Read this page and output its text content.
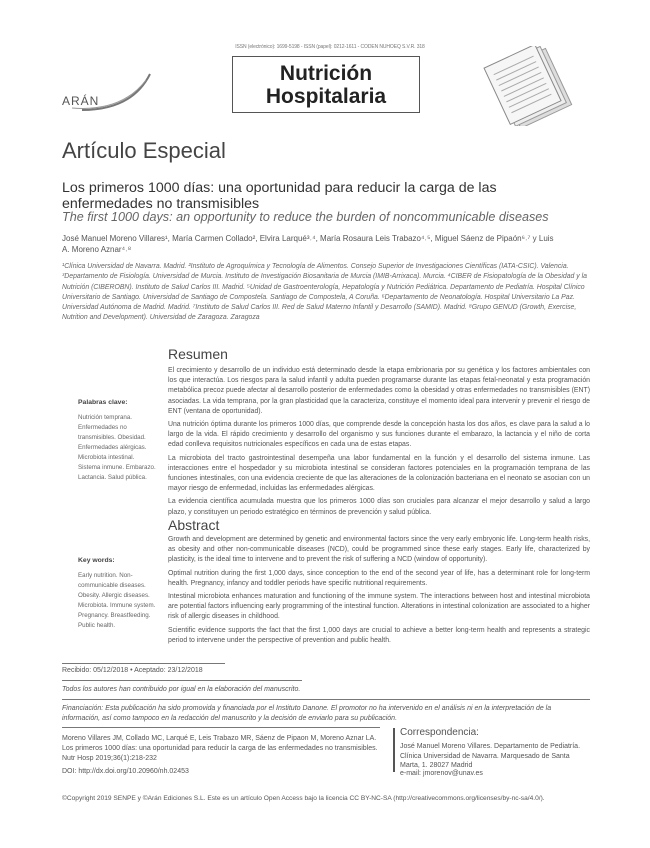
ISSN (electrónico): 1699-5198 - ISSN (papel): 0212-1611 - CODEN NUHOEQ S.V.R. 318
ARÁN
Nutrición
Hospitalaria
Artículo Especial
Los primeros 1000 días: una oportunidad para reducir la carga de las enfermedades no transmisibles
The first 1000 days: an opportunity to reduce the burden of noncommunicable diseases
José Manuel Moreno Villares¹, María Carmen Collado², Elvira Larqué³˒⁴, María Rosaura Leis Trabazo⁴˒⁵, Miguel Sáenz de Pipaón⁶˒⁷ y Luis A. Moreno Aznar⁴˒⁸
¹Clínica Universidad de Navarra. Madrid. ²Instituto de Agroquímica y Tecnología de Alimentos. Consejo Superior de Investigaciones Científicas (IATA-CSIC). Valencia. ³Departamento de Fisiología. Universidad de Murcia. Instituto de Investigación Biosanitaria de Murcia (IMIB-Arrixaca). Murcia. ⁴CIBER de Fisiopatología de la Obesidad y la Nutrición (CIBEROBN). Instituto de Salud Carlos III. Madrid. ⁵Unidad de Gastroenterología, Hepatología y Nutrición Pediátrica. Departamento de Pediatría. Hospital Clínico Universitario de Santiago. Universidad de Santiago de Compostela. Santiago de Compostela, A Coruña. ⁶Departamento de Neonatología. Hospital Universitario La Paz. Universidad Autónoma de Madrid. Madrid. ⁷Instituto de Salud Carlos III. Red de Salud Materno Infantil y Desarrollo (SAMID). Madrid. ⁸Grupo GENUD (Growth, Exercise, Nutrition and Development). Universidad de Zaragoza. Zaragoza
Resumen
Palabras clave:
Nutrición temprana. Enfermedades no transmisibles. Obesidad. Enfermedades alérgicas. Microbiota intestinal. Sistema inmune. Embarazo. Lactancia. Salud pública.

El crecimiento y desarrollo de un individuo está determinado desde la etapa embrionaria por su genética y los factores ambientales con los que interactúa. Los riesgos para la salud infantil y adulta pueden programarse durante las etapas fetal-neonatal y esta programación metabólica precoz puede afectar al desarrollo posterior de enfermedades como la obesidad y otras enfermedades no transmisibles (ENT) asociadas. La vida temprana, por la gran plasticidad que la caracteriza, constituye el momento ideal para intervenir y prevenir el riesgo de ENT (ventana de oportunidad).

Una nutrición óptima durante los primeros 1000 días, que comprende desde la concepción hasta los dos años, es clave para la salud a lo largo de la vida. El rápido crecimiento y desarrollo del organismo y sus funciones durante el embarazo, la lactancia y el niño de corta edad conlleva requisitos nutricionales específicos en cada una de estas etapas.

La microbiota del tracto gastrointestinal desempeña una labor fundamental en la función y el desarrollo del sistema inmune. Las interacciones entre el hospedador y su microbiota intestinal se consideran factores potenciales en la programación temprana de las funciones intestinales, con una evidencia creciente de que las alteraciones de la colonización bacteriana en el neonato se asocian con un mayor riesgo de enfermedad, incluidas las enfermedades alérgicas.

La evidencia científica acumulada muestra que los primeros 1000 días son cruciales para alcanzar el mejor desarrollo y salud a largo plazo, y constituyen un periodo estratégico en términos de prevención y salud pública.

Abstract
Key words:
Early nutrition. Non-communicable diseases. Obesity. Allergic diseases. Microbiota. Immune system. Pregnancy. Breastfeeding. Public health.

Growth and development are determined by genetic and environmental factors since the very early embryonic life. Long-term health risks, as obesity and other non-communicable diseases (NCD), could be programmed since these early stages. Early life, characterized by plasticity, is the ideal time to intervene and to prevent the risk of suffering a NCD (window of opportunity).

Optimal nutrition during the first 1,000 days, since conception to the end of the second year of life, has a determinant role for long-term health. Pregnancy, infancy and toddler periods have specific nutritional requirements.

Intestinal microbiota enhances maturation and functioning of the immune system. The interactions between host and intestinal microbiota are potential factors influencing early programming of the intestinal function. Alterations in intestinal colonization are associated to a higher risk of allergic diseases in childhood.

Scientific evidence supports the fact that the first 1,000 days are crucial to achieve a better long-term health and represents a strategic period to intervene under the perspective of prevention and public health.

Recibido: 05/12/2018 • Aceptado: 23/12/2018
Todos los autores han contribuido por igual en la elaboración del manuscrito.
Financiación: Esta publicación ha sido promovida y financiada por el Instituto Danone. El promotor no ha intervenido en el análisis ni en la interpretación de la información, así como tampoco en la redacción del manuscrito y la decisión de enviarlo para su publicación.
Moreno Villares JM, Collado MC, Larqué E, Leis Trabazo MR, Sáenz de Pipaon M, Moreno Aznar LA. Los primeros 1000 días: una oportunidad para reducir la carga de las enfermedades no transmisibles. Nutr Hosp 2019;36(1):218-232
DOI: http://dx.doi.org/10.20960/nh.02453
Correspondencia:
José Manuel Moreno Villares. Departamento de Pediatría. Clínica Universidad de Navarra. Marquesado de Santa Marta, 1. 28027 Madrid
e-mail: jmorenov@unav.es
©Copyright 2019 SENPE y ©Arán Ediciones S.L. Este es un artículo Open Access bajo la licencia CC BY-NC-SA (http://creativecommons.org/licenses/by-nc-sa/4.0/).
